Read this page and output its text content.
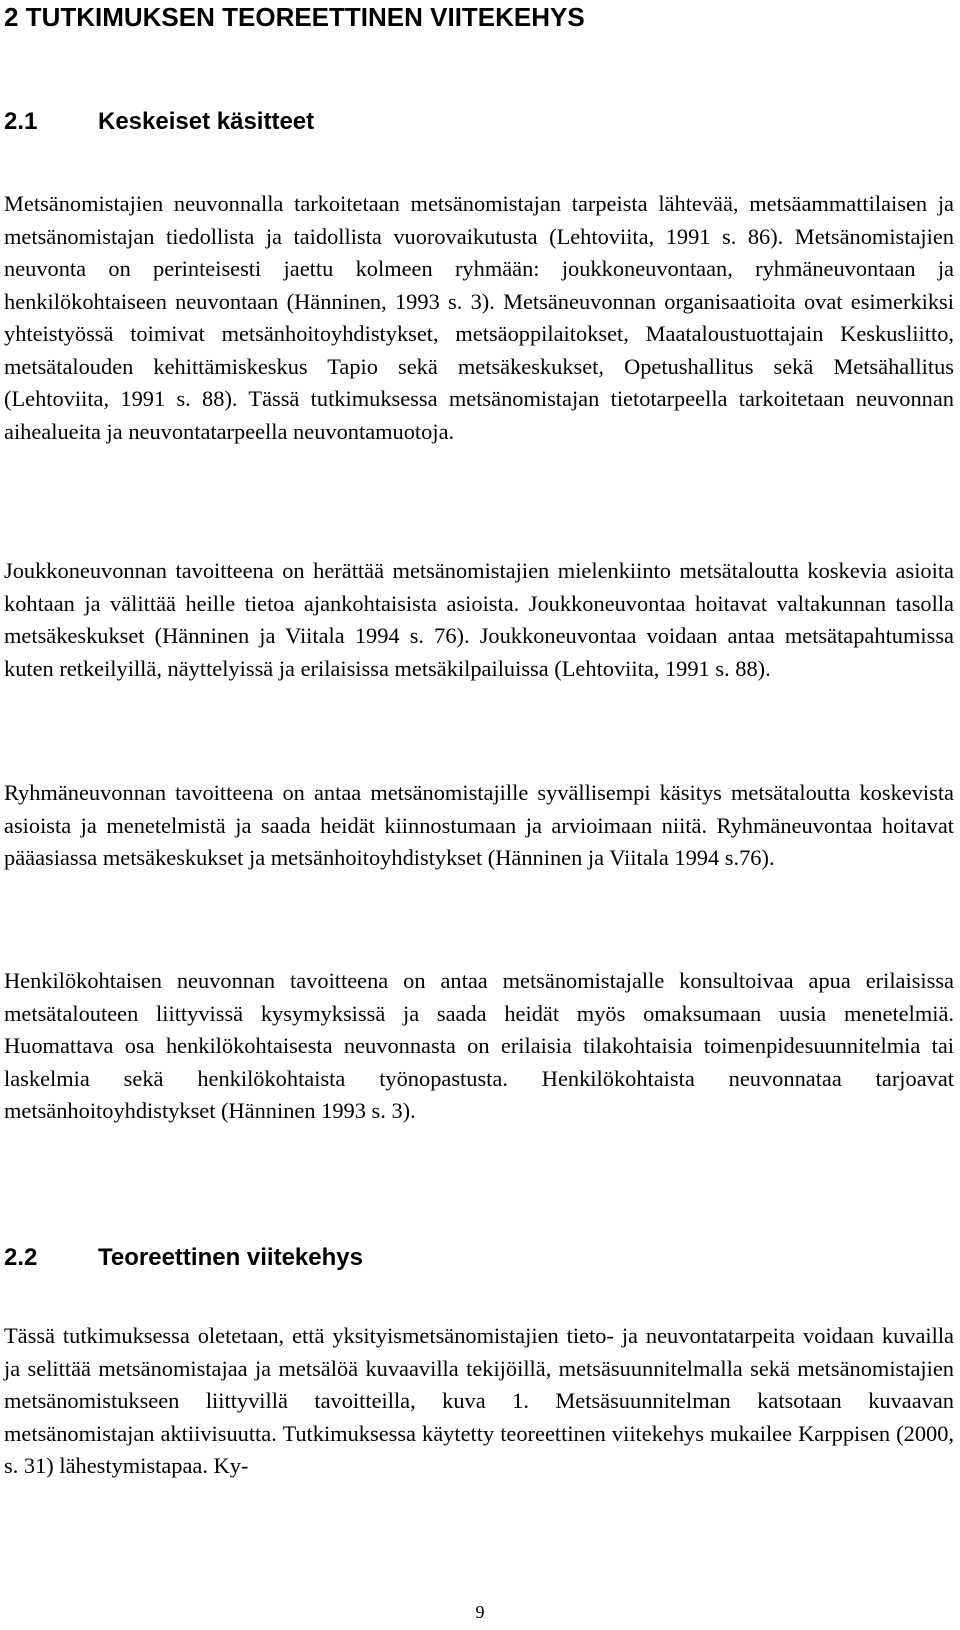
2 TUTKIMUKSEN TEOREETTINEN VIITEKEHYS
2.1	Keskeiset käsitteet

Metsänomistajien neuvonnalla tarkoitetaan metsänomistajan tarpeista lähtevää, metsäammattilaisen ja metsänomistajan tiedollista ja taidollista vuorovaikutusta (Lehtoviita, 1991 s. 86). Metsänomistajien neuvonta on perinteisesti jaettu kolmeen ryhmään: joukkoneuvontaan, ryhmäneuvontaan ja henkilökohtaiseen neuvontaan (Hänninen, 1993 s. 3). Metsäneuvonnan organisaatioita ovat esimerkiksi yhteistyössä toimivat metsänhoitoyhdistykset, metsäoppilaitokset, Maataloustuottajain Keskusliitto, metsätalouden kehittämiskeskus Tapio sekä metsäkeskukset, Opetushallitus sekä Metsähallitus (Lehtoviita, 1991 s. 88). Tässä tutkimuksessa metsänomistajan tietotarpeella tarkoitetaan neuvonnan aihealueita ja neuvontatarpeella neuvontamuotoja.

Joukkoneuvonnan tavoitteena on herättää metsänomistajien mielenkiinto metsätaloutta koskevia asioita kohtaan ja välittää heille tietoa ajankohtaisista asioista. Joukkoneuvontaa hoitavat valtakunnan tasolla metsäkeskukset (Hänninen ja Viitala 1994 s. 76). Joukkoneuvontaa voidaan antaa metsätapahtumissa kuten retkeilyillä, näyttelyissä ja erilaisissa metsäkilpailuissa (Lehtoviita, 1991 s. 88).

Ryhmäneuvonnan tavoitteena on antaa metsänomistajille syvällisempi käsitys metsätaloutta koskevista asioista ja menetelmistä ja saada heidät kiinnostumaan ja arvioimaan niitä. Ryhmäneuvontaa hoitavat pääasiassa metsäkeskukset ja metsänhoitoyhdistykset (Hänninen ja Viitala 1994 s.76).

Henkilökohtaisen neuvonnan tavoitteena on antaa metsänomistajalle konsultoivaa apua erilaisissa metsätalouteen liittyvissä kysymyksissä ja saada heidät myös omaksumaan uusia menetelmiä. Huomattava osa henkilökohtaisesta neuvonnasta on erilaisia tilakohtaisia toimenpidesuunnitelmia tai laskelmia sekä henkilökohtaista työnopastusta. Henkilökohtaista neuvonnataa tarjoavat metsänhoitoyhdistykset (Hänninen 1993 s. 3).

2.2	Teoreettinen viitekehys

Tässä tutkimuksessa oletetaan, että yksityismetsänomistajien tieto- ja neuvontatarpeita voidaan kuvailla ja selittää metsänomistajaa ja metsälöä kuvaavilla tekijöillä, metsäsuunnitelmalla sekä metsänomistajien metsänomistukseen liittyvillä tavoitteilla, kuva 1. Metsäsuunnitelman katsotaan kuvaavan metsänomistajan aktiivisuutta. Tutkimuksessa käytetty teoreettinen viitekehys mukailee Karppisen (2000, s. 31) lähestymistapaa. Ky-

9
